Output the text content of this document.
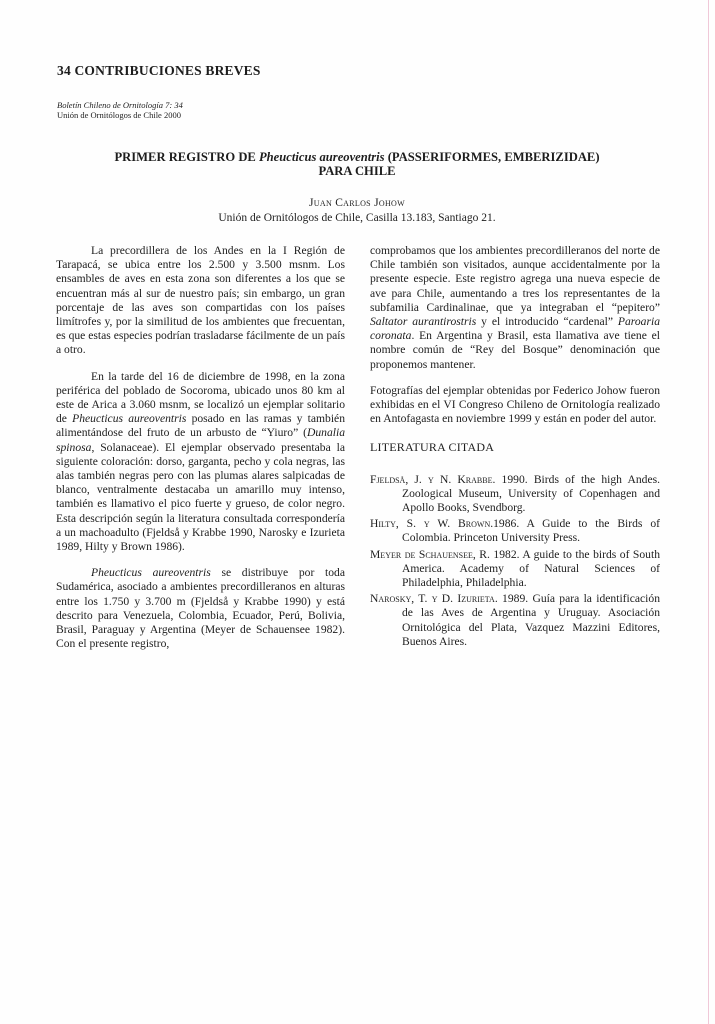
34 CONTRIBUCIONES BREVES
Boletín Chileno de Ornitología 7: 34
Unión de Ornitólogos de Chile 2000
PRIMER REGISTRO DE Pheucticus aureoventris (PASSERIFORMES, EMBERIZIDAE)
PARA CHILE
Juan Carlos Johow
Unión de Ornitólogos de Chile, Casilla 13.183, Santiago 21.

La precordillera de los Andes en la I Región de Tarapacá, se ubica entre los 2.500 y 3.500 msnm. Los ensambles de aves en esta zona son diferentes a los que se encuentran más al sur de nuestro país; sin embargo, un gran porcentaje de las aves son compartidas con los países limítrofes y, por la similitud de los ambientes que frecuentan, es que estas especies podrían trasladarse fácilmente de un país a otro.

En la tarde del 16 de diciembre de 1998, en la zona periférica del poblado de Socoroma, ubicado unos 80 km al este de Arica a 3.060 msnm, se localizó un ejemplar solitario de Pheucticus aureoventris posado en las ramas y también alimentándose del fruto de un arbusto de “Yiuro” (Dunalia spinosa, Solanaceae). El ejemplar observado presentaba la siguiente coloración: dorso, garganta, pecho y cola negras, las alas también negras pero con las plumas alares salpicadas de blanco, ventralmente destacaba un amarillo muy intenso, también es llamativo el pico fuerte y grueso, de color negro. Esta descripción según la literatura consultada correspondería a un machoadulto (Fjeldså y Krabbe 1990, Narosky e Izurieta 1989, Hilty y Brown 1986).

Pheucticus aureoventris se distribuye por toda Sudamérica, asociado a ambientes precordilleranos en alturas entre los 1.750 y 3.700 m (Fjeldså y Krabbe 1990) y está descrito para Venezuela, Colombia, Ecuador, Perú, Bolivia, Brasil, Paraguay y Argentina (Meyer de Schauensee 1982). Con el presente registro,

comprobamos que los ambientes precordilleranos del norte de Chile también son visitados, aunque accidentalmente por la presente especie. Este registro agrega una nueva especie de ave para Chile, aumentando a tres los representantes de la subfamilia Cardinalinae, que ya integraban el “pepitero” Saltator aurantirostris y el introducido “cardenal” Paroaria coronata. En Argentina y Brasil, esta llamativa ave tiene el nombre común de “Rey del Bosque” denominación que proponemos mantener.

Fotografías del ejemplar obtenidas por Federico Johow fueron exhibidas en el VI Congreso Chileno de Ornitología realizado en Antofagasta en noviembre 1999 y están en poder del autor.

LITERATURA CITADA
Fjeldså, J. y N. Krabbe. 1990. Birds of the high Andes. Zoological Museum, University of Copenhagen and Apollo Books, Svendborg.
Hilty, S. y W. Brown.1986. A Guide to the Birds of Colombia. Princeton University Press.
Meyer de Schauensee, R. 1982. A guide to the birds of South America. Academy of Natural Sciences of Philadelphia, Philadelphia.
Narosky, T. y D. Izurieta. 1989. Guía para la identificación de las Aves de Argentina y Uruguay. Asociación Ornitológica del Plata, Vazquez Mazzini Editores, Buenos Aires.
